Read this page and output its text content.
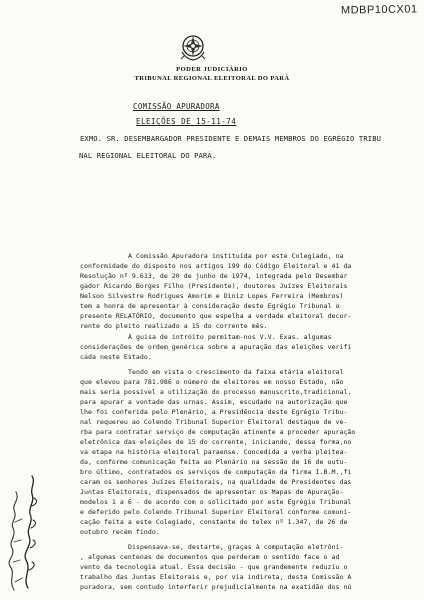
MDBP10CX01
PODER JUDICIÁRIO
TRIBUNAL REGIONAL ELEITORAL DO PARÁ
COMISSÃO APURADORA
ELEIÇÕES DE 15-11-74
EXMO. SR. DESEMBARGADOR PRESIDENTE E DEMAIS MEMBROS DO EGRÉGIO TRIBU
NAL REGIONAL ELEITORAL DO PARÁ.
A Comissão Apuradora instituída por este Colegiado, na
conformidade do disposto nos artigos 199 do Código Eleitoral e 41 da
Resolução nº 9.613, de 20 de junho de 1974, integrada pelo Desembar
gador Ricardo Borges Filho (Presidente), doutores Juízes Eleitorais
Nelson Silvestre Rodrigues Amorim e Diniz Lopes Ferreira (Membros)
tem a honra de apresentar à consideração deste Egrégio Tribunal o
presente RELATÓRIO, documento que espelha a verdade eleitoral decor-
rente do pleito realizado a 15 do corrente mês.
À guisa de intróito permitam-nos V.V. Exas. algumas
considerações de ordem genérica sobre a apuração das eleições verifi
cada neste Estado.
Tendo em vista o crescimento da faixa etária eleitoral
que elevou para 781.986 o número de eleitores em nosso Estado, não
mais seria possível a utilização do processo manuscrito,tradicional,
para apurar a vontade das urnas. Assim, escudado na autorização que
lhe foi conferida pelo Plenário, a Presidência deste Egrégio Tribu-
nal requereu ao Colendo Tribunal Superior Eleitoral destaque de ve-
rba para contratar serviço de computação atinente a proceder apuração
eletrônica das eleições de 15 do corrente, iniciando, dessa forma,no
va etapa na história eleitoral paraense. Concedida a verba pleitea-
da, conforme comunicação feita ao Plenário na sessão de 16 de outu-
bro último, contratados os serviços de computação da firma I.B.M.,fi
caram os senhores Juízes Eleitorais, na qualidade de Presidentes das
Juntas Eleitorais, dispensados de apresentar os Mapas de Apuração-
modelos 1 a 6 - de acordo com o solicitado por este Egrégio Tribunal
e deferido pelo Colendo Tribunal Superior Eleitoral conforme comuni-
cação feita a este Colegiado, constante do telex nº 1.347, de 26 de
outubro recém findo.
Dispensava-se, destarte, graças à computação eletrôni-
, algumas centenas de documentos que perderam o sentido face o ad
vento da tecnologia atual. Essa decisão - que grandemente reduziu o
trabalho das Juntas Eleitorais e, por via indireta, desta Comissão A
puradora, sem contudo interferir prejudicialmente na exatidão dos nú
